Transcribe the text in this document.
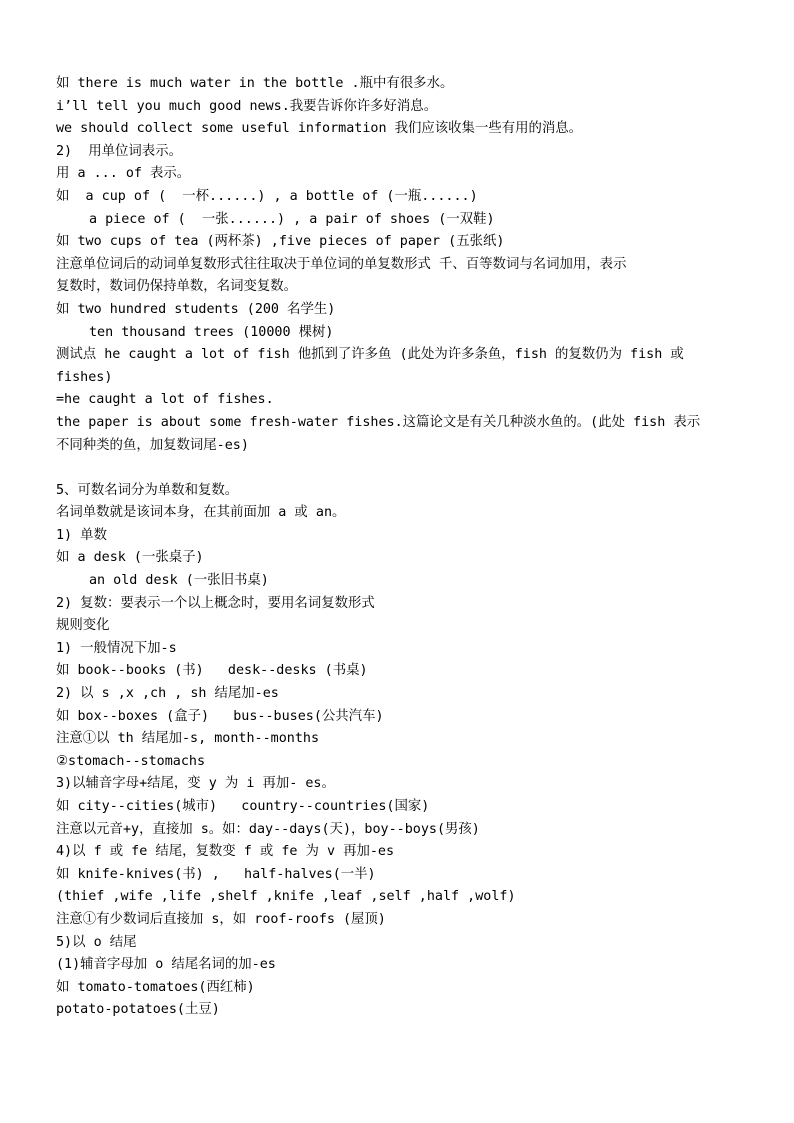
如 there is much water in the bottle .瓶中有很多水。
i’ll tell you much good news.我要告诉你许多好消息。
we should collect some useful information 我们应该收集一些有用的消息。
2)  用单位词表示。
用 a ... of 表示。
如  a cup of (  一杯......) , a bottle of (一瓶......)
a piece of (  一张......) , a pair of shoes (一双鞋)
如 two cups of tea (两杯茶) ,five pieces of paper (五张纸)
注意单位词后的动词单复数形式往往取决于单位词的单复数形式 千、百等数词与名词加用，表示
复数时，数词仍保持单数，名词变复数。
如 two hundred students (200 名学生)
ten thousand trees (10000 棵树)
测试点 he caught a lot of fish 他抓到了许多鱼 (此处为许多条鱼，fish 的复数仍为 fish 或
fishes)
=he caught a lot of fishes.
the paper is about some fresh-water fishes.这篇论文是有关几种淡水鱼的。(此处 fish 表示
不同种类的鱼，加复数词尾-es)
5、可数名词分为单数和复数。
名词单数就是该词本身，在其前面加 a 或 an。
1) 单数
如 a desk (一张桌子)
an old desk (一张旧书桌)
2) 复数：要表示一个以上概念时，要用名词复数形式
规则变化
1) 一般情况下加-s
如 book--books (书)   desk--desks (书桌)
2) 以 s ,x ,ch , sh 结尾加-es
如 box--boxes (盒子)   bus--buses(公共汽车)
注意①以 th 结尾加-s, month--months
②stomach--stomachs
3)以辅音字母+结尾，变 y 为 i 再加- es。
如 city--cities(城市)   country--countries(国家)
注意以元音+y，直接加 s。如：day--days(天)，boy--boys(男孩)
4)以 f 或 fe 结尾，复数变 f 或 fe 为 v 再加-es
如 knife-knives(书) ,   half-halves(一半)
(thief ,wife ,life ,shelf ,knife ,leaf ,self ,half ,wolf)
注意①有少数词后直接加 s，如 roof-roofs (屋顶)
5)以 o 结尾
(1)辅音字母加 o 结尾名词的加-es
如 tomato-tomatoes(西红柿)
potato-potatoes(土豆)
